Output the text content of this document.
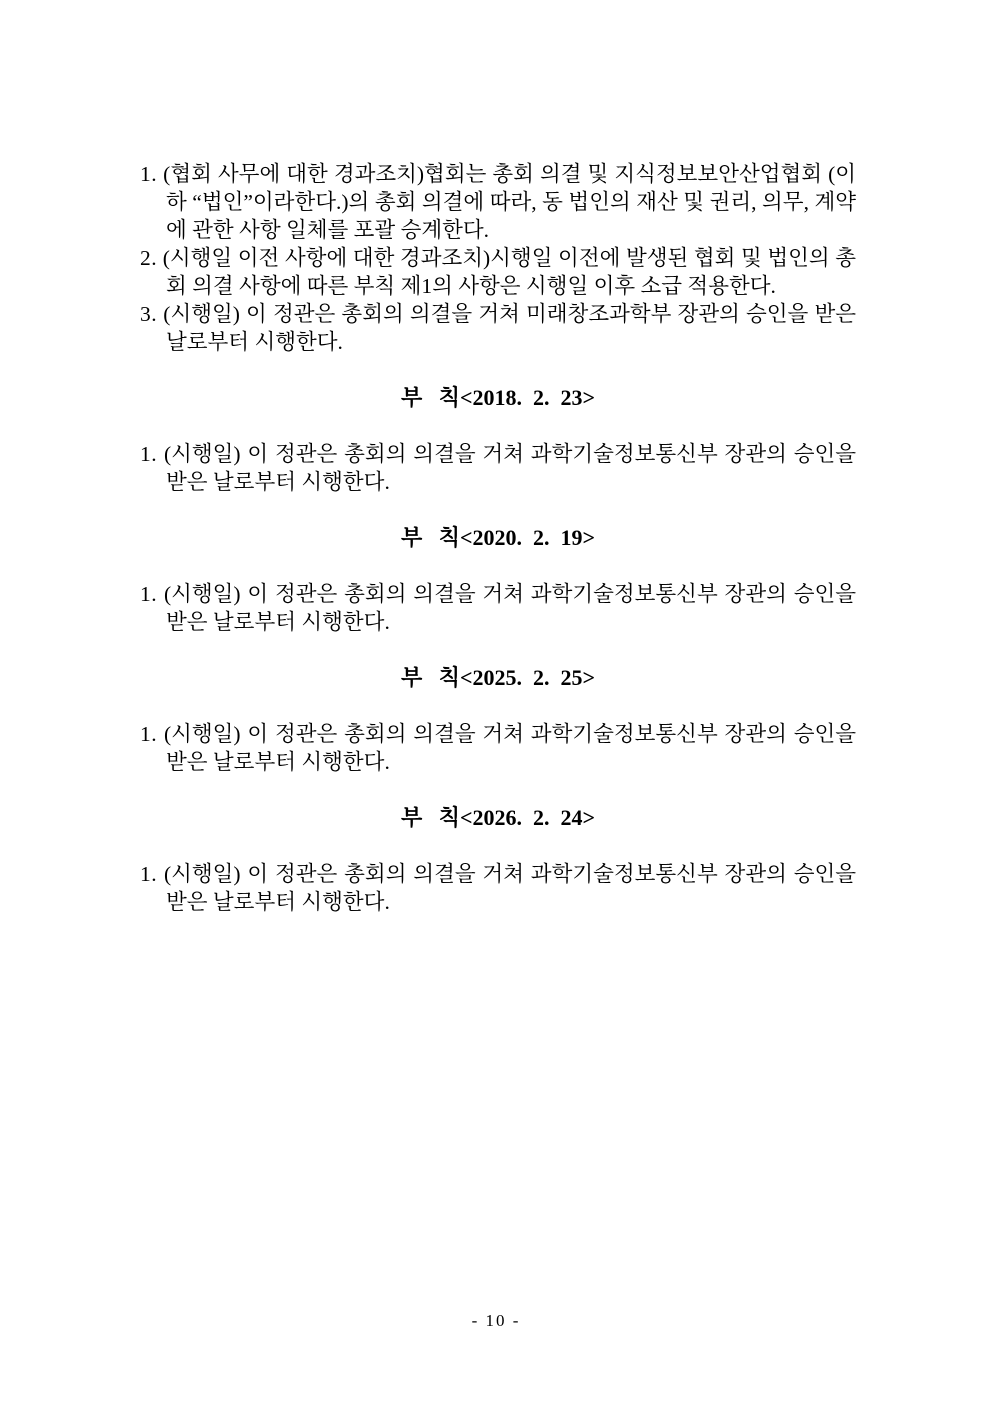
1. (협회 사무에 대한 경과조치)협회는 총회 의결 및 지식정보보안산업협회 (이하 “법인”이라한다.)의 총회 의결에 따라, 동 법인의 재산 및 권리, 의무, 계약에 관한 사항 일체를 포괄 승계한다.
2. (시행일 이전 사항에 대한 경과조치)시행일 이전에 발생된 협회 및 법인의 총회 의결 사항에 따른 부칙 제1의 사항은 시행일 이후 소급 적용한다.
3. (시행일) 이 정관은 총회의 의결을 거쳐 미래창조과학부 장관의 승인을 받은 날로부터 시행한다.
부   칙<2018.  2.  23>
1. (시행일) 이 정관은 총회의 의결을 거쳐 과학기술정보통신부 장관의 승인을 받은 날로부터 시행한다.
부   칙<2020.  2.  19>
1. (시행일) 이 정관은 총회의 의결을 거쳐 과학기술정보통신부 장관의 승인을 받은 날로부터 시행한다.
부   칙<2025.  2.  25>
1. (시행일) 이 정관은 총회의 의결을 거쳐 과학기술정보통신부 장관의 승인을 받은 날로부터 시행한다.
부   칙<2026.  2.  24>
1. (시행일) 이 정관은 총회의 의결을 거쳐 과학기술정보통신부 장관의 승인을 받은 날로부터 시행한다.
- 10 -
